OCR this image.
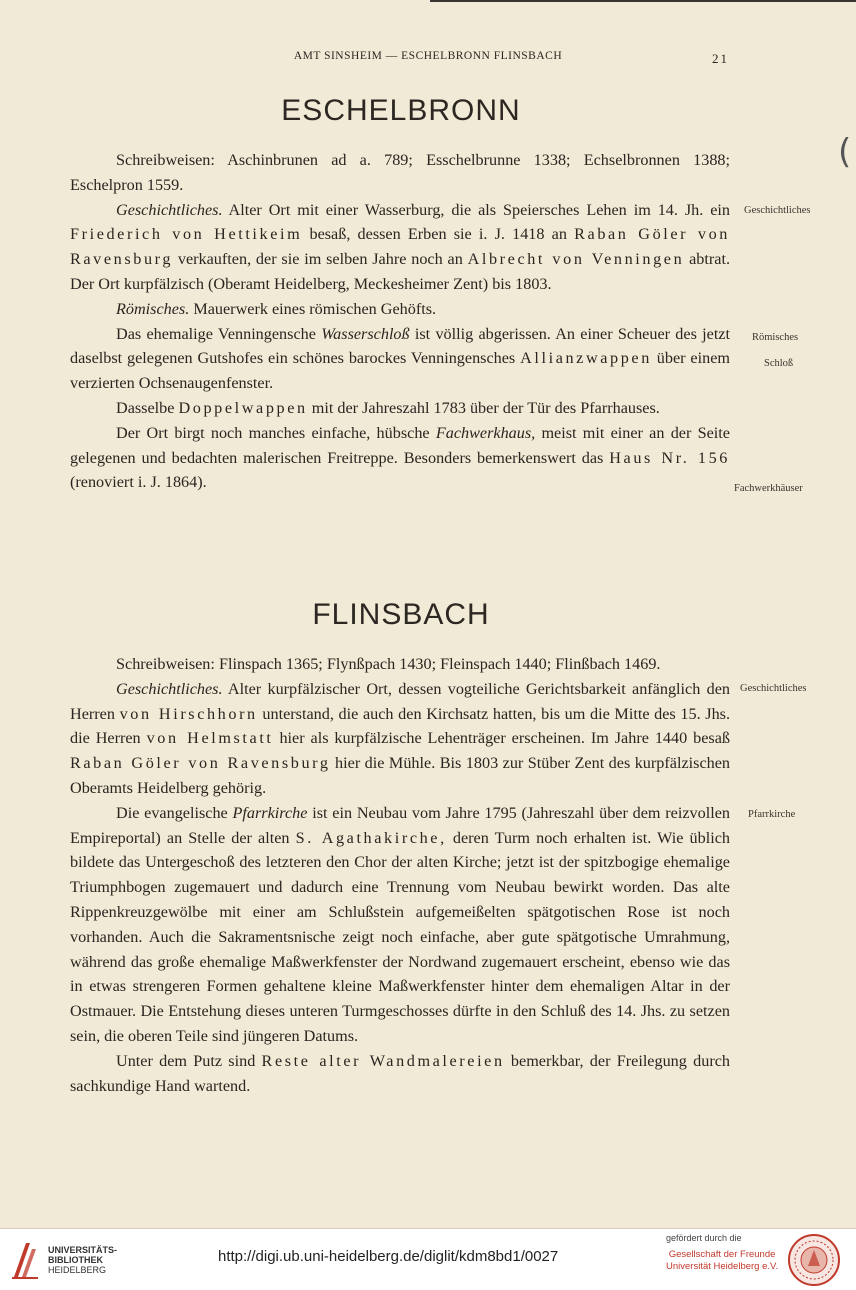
(
AMT SINSHEIM — ESCHELBRONN FLINSBACH	21
ESCHELBRONN

Schreibweisen: Aschinbrunen ad a. 789; Esschelbrunne 1338; Echselbronnen 1388; Eschelpron 1559.

Geschichtliches. Alter Ort mit einer Wasserburg, die als Speiersches Lehen im 14. Jh. ein Friederich von Hettikeim besaß, dessen Erben sie i. J. 1418 an Raban Göler von Ravensburg verkauften, der sie im selben Jahre noch an Albrecht von Venningen abtrat. Der Ort kurpfälzisch (Oberamt Heidelberg, Meckesheimer Zent) bis 1803.

Römisches. Mauerwerk eines römischen Gehöfts.

Das ehemalige Venningensche Wasserschloß ist völlig abgerissen. An einer Scheuer des jetzt daselbst gelegenen Gutshofes ein schönes barockes Venningensches Allianzwappen über einem verzierten Ochsenaugenfenster.

Dasselbe Doppelwappen mit der Jahreszahl 1783 über der Tür des Pfarrhauses.

Der Ort birgt noch manches einfache, hübsche Fachwerkhaus, meist mit einer an der Seite gelegenen und bedachten malerischen Freitreppe. Besonders bemerkenswert das Haus Nr. 156 (renoviert i. J. 1864).

Geschichtliches
Römisches
Schloß
Fachwerkhäuser
FLINSBACH

Schreibweisen: Flinspach 1365; Flynßpach 1430; Fleinspach 1440; Flinßbach 1469.

Geschichtliches. Alter kurpfälzischer Ort, dessen vogteiliche Gerichtsbarkeit anfänglich den Herren von Hirschhorn unterstand, die auch den Kirchsatz hatten, bis um die Mitte des 15. Jhs. die Herren von Helmstatt hier als kurpfälzische Lehenträger erscheinen. Im Jahre 1440 besaß Raban Göler von Ravensburg hier die Mühle. Bis 1803 zur Stüber Zent des kurpfälzischen Oberamts Heidelberg gehörig.

Die evangelische Pfarrkirche ist ein Neubau vom Jahre 1795 (Jahreszahl über dem reizvollen Empireportal) an Stelle der alten S. Agathakirche, deren Turm noch erhalten ist. Wie üblich bildete das Untergeschoß des letzteren den Chor der alten Kirche; jetzt ist der spitzbogige ehemalige Triumphbogen zugemauert und dadurch eine Trennung vom Neubau bewirkt worden. Das alte Rippenkreuzgewölbe mit einer am Schlußstein aufgemeißelten spätgotischen Rose ist noch vorhanden. Auch die Sakramentsnische zeigt noch einfache, aber gute spätgotische Umrahmung, während das große ehemalige Maßwerkfenster der Nordwand zugemauert erscheint, ebenso wie das in etwas strengeren Formen gehaltene kleine Maßwerkfenster hinter dem ehemaligen Altar in der Ostmauer. Die Entstehung dieses unteren Turmgeschosses dürfte in den Schluß des 14. Jhs. zu setzen sein, die oberen Teile sind jüngeren Datums.

Unter dem Putz sind Reste alter Wandmalereien bemerkbar, der Freilegung durch sachkundige Hand wartend.

Geschichtliches
Pfarrkirche
UNIVERSITÄTS-
BIBLIOTHEK
HEIDELBERG
http://digi.ub.uni-heidelberg.de/diglit/kdm8bd1/0027
gefördert durch die
Gesellschaft der Freunde
Universität Heidelberg e.V.
